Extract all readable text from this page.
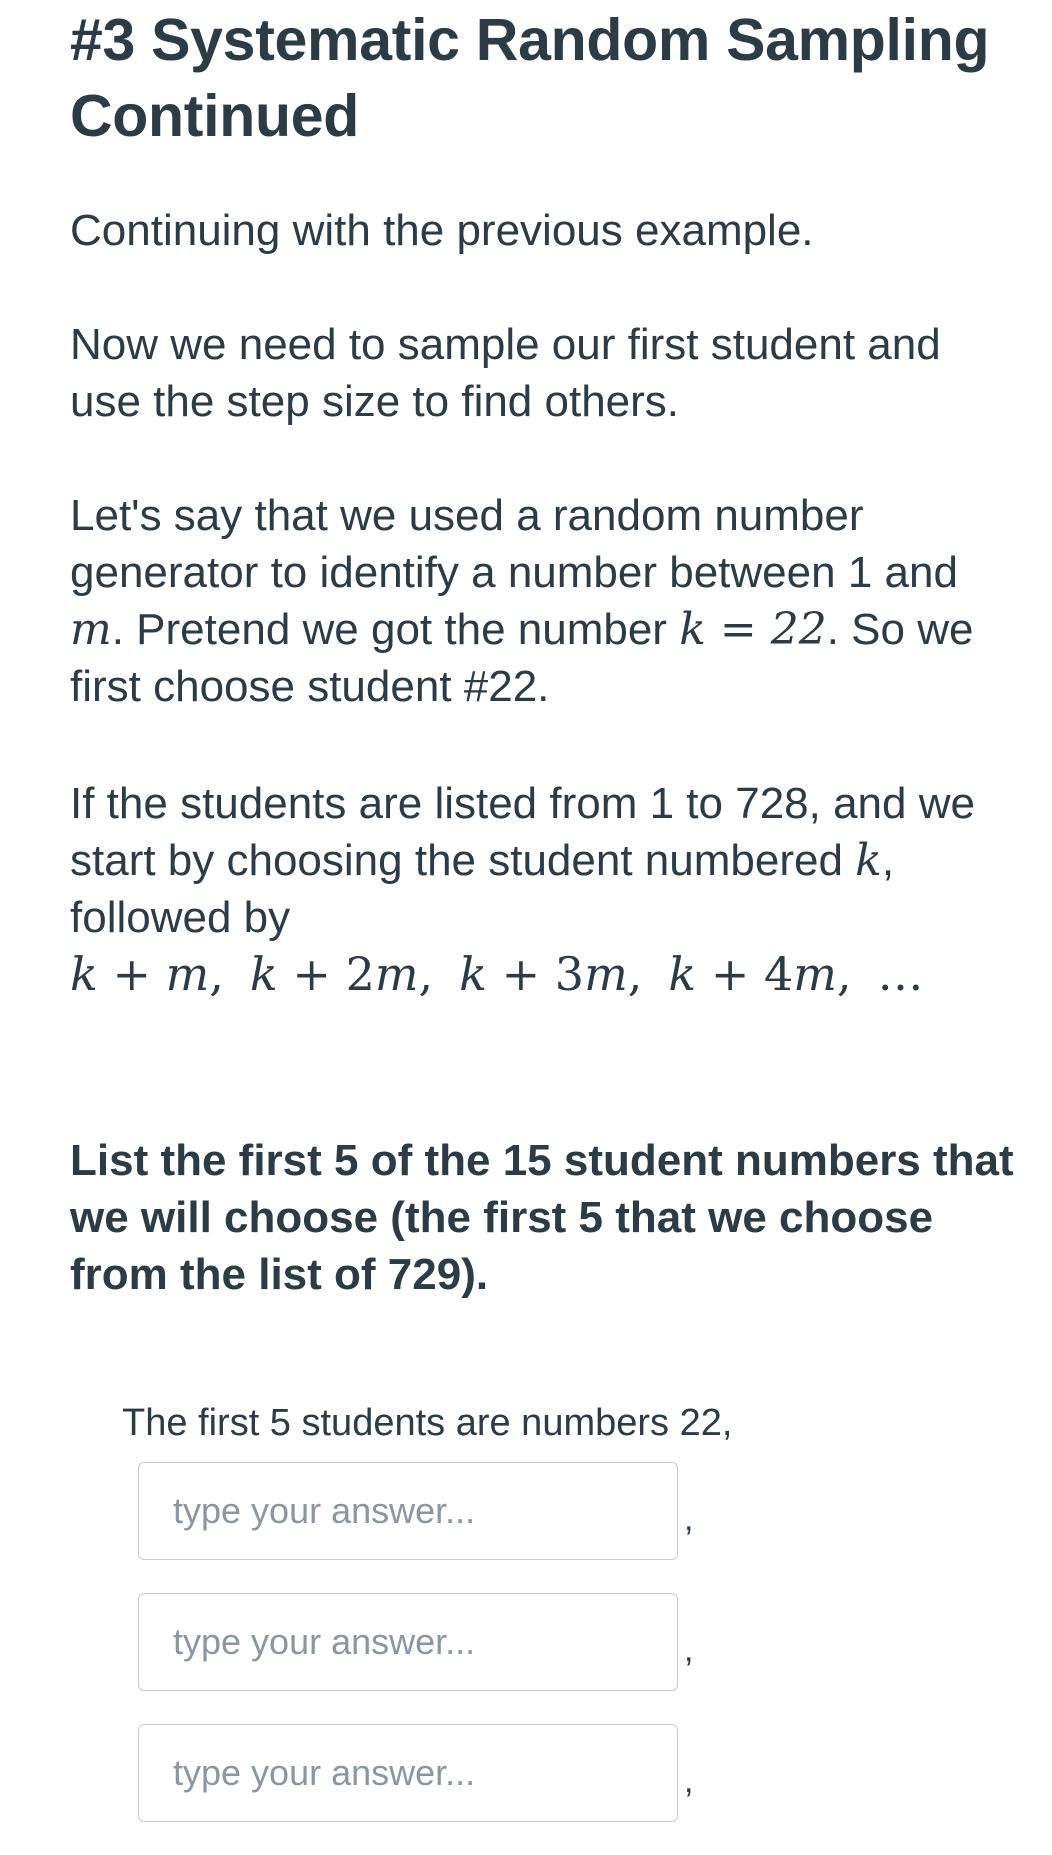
#3 Systematic Random Sampling Continued

Continuing with the previous example.

Now we need to sample our first student and use the step size to find others.

Let's say that we used a random number generator to identify a number between 1 and m. Pretend we got the number k = 22. So we first choose student #22.

If the students are listed from 1 to 728, and we start by choosing the student numbered k, followed by
k + m, k + 2m, k + 3m, k + 4m, …

List the first 5 of the 15 student numbers that we will choose (the first 5 that we choose from the list of 729).

The first 5 students are numbers 22,

type your answer...
,
type your answer...
,
type your answer...
,
